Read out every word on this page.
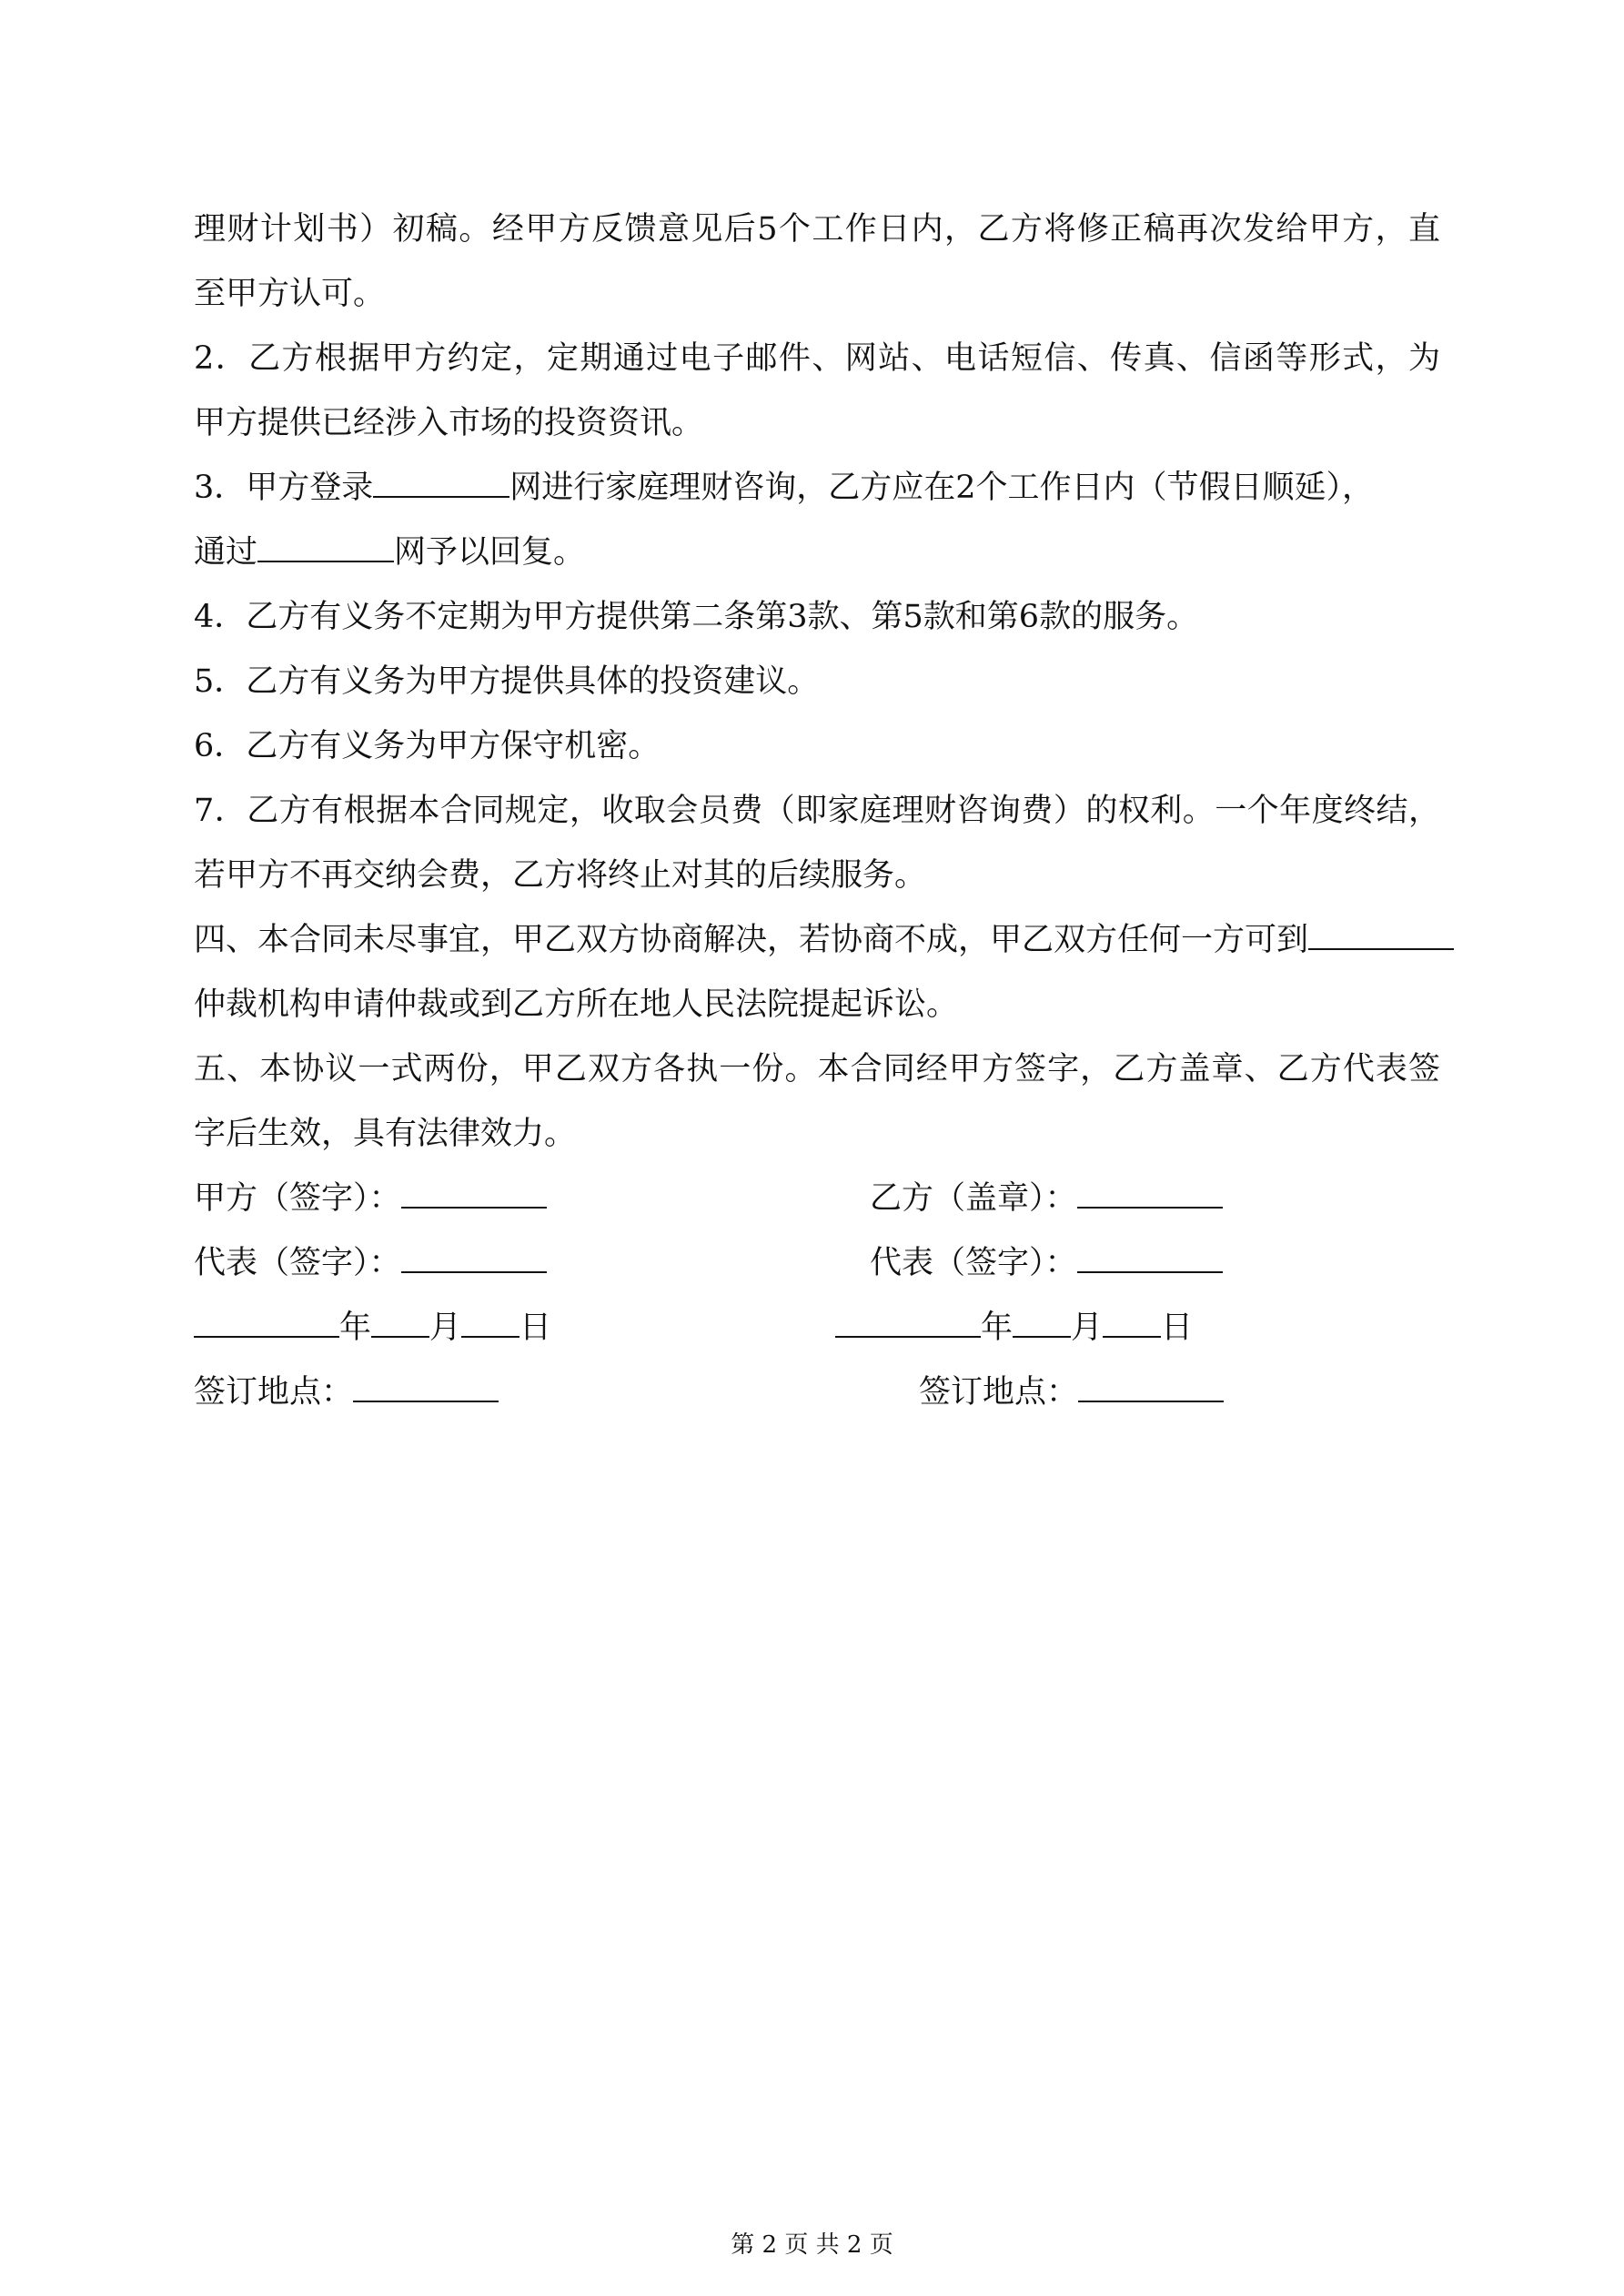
理财计划书）初稿。经甲方反馈意见后5个工作日内，乙方将修正稿再次发给甲方，直
至甲方认可。
2．乙方根据甲方约定，定期通过电子邮件、网站、电话短信、传真、信函等形式，为
甲方提供已经涉入市场的投资资讯。
3．甲方登录	网进行家庭理财咨询，乙方应在2个工作日内（节假日顺延），
通过	网予以回复。
4．乙方有义务不定期为甲方提供第二条第3款、第5款和第6款的服务。
5．乙方有义务为甲方提供具体的投资建议。
6．乙方有义务为甲方保守机密。
7．乙方有根据本合同规定，收取会员费（即家庭理财咨询费）的权利。一个年度终结，
若甲方不再交纳会费，乙方将终止对其的后续服务。
四、本合同未尽事宜，甲乙双方协商解决，若协商不成，甲乙双方任何一方可到
仲裁机构申请仲裁或到乙方所在地人民法院提起诉讼。
五、本协议一式两份，甲乙双方各执一份。本合同经甲方签字，乙方盖章、乙方代表签
字后生效，具有法律效力。
甲方（签字）：	乙方（盖章）：
代表（签字）：	代表（签字）：
年 月 日	年 月 日
签订地点：	签订地点：
第 2 页 共 2 页
